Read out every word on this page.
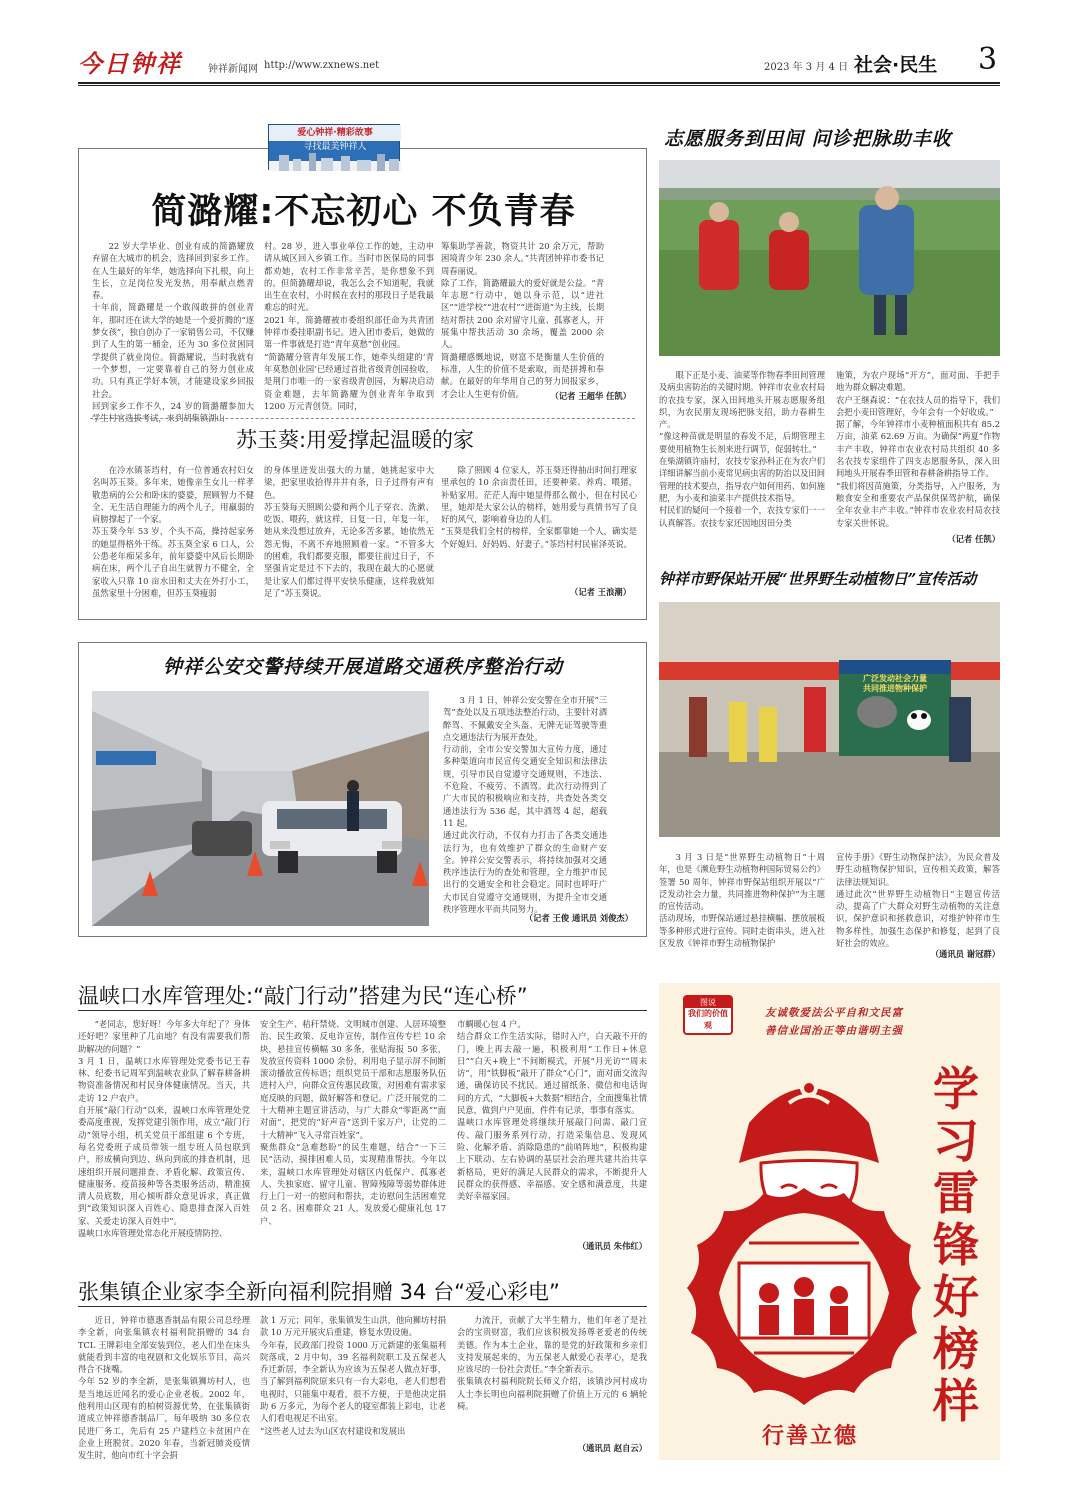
今日钟祥	钟祥新闻网 http://www.zxnews.net	2023 年 3 月 4 日 社会·民生 3
爱心钟祥·精彩故事
寻找最美钟祥人
简潞耀:不忘初心 不负青春

22 岁大学毕业、创业有成的简潞耀放弃留在大城市的机会，选择回到家乡工作。在人生最好的年华，她选择向下扎根，向上生长，立足岗位发光发热，用奉献点燃青春。
十年前，简潞耀是一个敢闯敢拼的创业青年，那时还在读大学的她是一个爱折腾的“逐梦女孩”，独自创办了一家销售公司，不仅赚到了人生的第一桶金，还为 30 多位贫困同学提供了就业岗位。简潞耀说，当时我就有一个梦想，一定要靠着自己的努力创业成功。只有真正学好本领，才能建设家乡回报社会。
回到家乡工作不久，24 岁的简潞耀参加大学生村官选拔考试，来到胡集镇湖山

村。28 岁，进入事业单位工作的她，主动申请从城区回入乡镇工作。当时市医保局的同事都劝她，农村工作非常辛苦，是你想象不到的。但简潞耀却说，我怎么会不知道呢，我就出生在农村，小时候在农村的那段日子是我最难忘的时光。
2021 年，简潞耀被市委组织部任命为共青团钟祥市委挂职副书记。进入团市委后，她做的第一件事就是打造“青年莫愁”创业园。
“简潞耀分管青年发展工作，她牵头组建的‘青年莫愁创业园’已经通过首批省级青创园验收，是荆门市唯一的一家省级青创园，为解决启动资金难题，去年简潞耀为创业青年争取到 1200 万元青创贷。同时，

筹集助学善款，物资共计 20 余万元，帮助困境青少年 230 余人。”共青团钟祥市委书记周春丽说。
除了工作，简潞耀最大的爱好就是公益。“青年志愿”行动中，她以身示范，以“进社区”“进学校”“进农村”“进街道”为主线，长期结对帮扶 200 余对留守儿童、孤寡老人，开展集中帮扶活动 30 余场，覆盖 2000 余人。
简潞耀感慨地说，财富不是衡量人生价值的标准，人生的价值不是索取，而是拼搏和奉献。在最好的年华用自己的努力回报家乡，才会让人生更有价值。	（记者 王超华 任凯）
苏玉葵:用爱撑起温暖的家

在冷水镇茶垱村，有一位普通农村妇女名叫苏玉葵。多年来，她像亲生女儿一样孝敬患病的公公和卧床的婆婆，照顾智力不健全、无生活自理能力的两个儿子，用羸弱的肩膀撑起了一个家。
苏玉葵今年 53 岁，个头不高，操持起家务的她显得格外干练。苏玉葵全家 6 口人，公公患老年痴呆多年，前年婆婆中风后长期卧病在床，两个儿子自出生就智力不健全，全家收入只靠 10 亩水田和丈夫在外打小工，虽然家里十分困难，但苏玉葵瘦弱

的身体里迸发出强大的力量，她挑起家中大梁，把家里收拾得井井有条，日子过得有声有色。
苏玉葵每天照顾公婆和两个儿子穿衣、洗漱、吃饭、喂药，就这样，日复一日，年复一年，她从来没想过放弃，无论多苦多累，她依然无怨无悔，不离不弃地照顾着一家。“不管多大的困难，我们都要克服，都要往前过日子，不坚强肯定是过不下去的，我现在最大的心愿就是让家人们都过得平安快乐健康，这样我就知足了”苏玉葵说。

除了照顾 4 位家人，苏玉葵还得抽出时间打理家里承包的 10 余亩责任田，还要种菜、养鸡、喂猪，补贴家用。茫茫人海中她显得那么微小，但在村民心里，她却是大家公认的榜样，她用爱与真情书写了良好的风气，影响着身边的人们。
“玉葵是我们全村的榜样，全家都靠她一个人，确实是个好媳妇、好妈妈、好妻子。”茶垱村村民崔泽英说。

（记者 王浪潮）
钟祥公安交警持续开展道路交通秩序整治行动

3 月 1 日，钟祥公安交警在全市开展“三驾”查处以及五项违法整治行动，主要针对酒醉驾、不佩戴安全头盔、无牌无证驾驶等重点交通违法行为展开查处。
行动前，全市公安交警加大宣传力度，通过多种渠道向市民宣传交通安全知识和法律法规，引导市民自觉遵守交通规则，不违法、不危险、不疲劳、不酒驾。此次行动得到了广大市民的积极响应和支持，共查处各类交通违法行为 536 起，其中酒驾 4 起，超载 11 起。
通过此次行动，不仅有力打击了各类交通违法行为，也有效维护了群众的生命财产安全。钟祥公安交警表示，将持续加强对交通秩序违法行为的查处和管理，全力维护市民出行的交通安全和社会稳定。同时也呼吁广大市民自觉遵守交通规则，为提升全市交通秩序管理水平而共同努力。

（记者 王俊 通讯员 刘俊杰）
志愿服务到田间 问诊把脉助丰收

眼下正是小麦、油菜等作物春季田间管理及病虫害防治的关键时期。钟祥市农业农村局的农技专家，深入田间地头开展志愿服务组织，为农民朋友现场把脉支招，助力春耕生产。
“像这种苗就是明显的春发不足，后期管理主要使用植物生长剂来进行调节，促弱转壮。”
在柴湖镇许庙村，农技专家孙科正在为农户们详细讲解当前小麦常见病虫害的防治以及田间管理的技术要点，指导农户如何用药、如何施肥，为小麦和油菜丰产提供技术指导。
村民们的疑问一个接着一个，农技专家们一一认真解答。农技专家还因地因田分类

施策，为农户现场“开方”，面对面、手把手地为群众解决难题。
农户王继森说：“在农技人员的指导下，我们会把小麦田管理好，今年会有一个好收成。”
据了解，今年钟祥市小麦种植面积共有 85.2 万亩，油菜 62.69 万亩。为确保“两夏”作物丰产丰收，钟祥市农业农村局共组织 40 多名农技专家组件了四支志愿服务队，深入田间地头开展春季田管和春耕备耕指导工作。
“我们将因苗施策，分类指导，入户服务，为粮食安全和重要农产品保供保驾护航，确保全年农业丰产丰收。”钟祥市农业农村局农技专家关世怀说。

（记者 任凯）
钟祥市野保站开展“世界野生动植物日”宣传活动
广泛发动社会力量
共同推进物种保护

3 月 3 日是“世界野生动植物日”十周年，也是《濒危野生动植物种国际贸易公约》签署 50 周年，钟祥市野保站组织开展以“广泛发动社会力量，共同推进物种保护”为主题的宣传活动。
活动现场，市野保站通过悬挂横幅、摆放展板等多种形式进行宣传。同时走街串头，进入社区发放《钟祥市野生动植物保护

宣传手册》《野生动物保护法》，为民众普及野生动植物保护知识，宣传相关政策，解答法律法规知识。
通过此次“世界野生动植物日”主题宣传活动，提高了广大群众对野生动植物的关注意识，保护意识和拯救意识，对维护钟祥市生物多样性，加强生态保护和修复，起到了良好社会的效应。

（通讯员 谢冠群）
温峡口水库管理处:“敲门行动”搭建为民“连心桥”

“老同志，您好呀！今年多大年纪了？身体还好吧？家里种了几亩地？有没有需要我们帮助解决的问题？”
3 月 1 日，温峡口水库管理处党委书记王春林、纪委书记周军到温峡农业队了解春耕备耕物资准备情况和村民身体健康情况。当天，共走访 12 户农户。
自开展“敲门行动”以来，温峡口水库管理处党委高度重视，发挥党建引领作用，成立“敲门行动”领导小组，机关党员干部组建 6 个专班，每名党委班子成员带领一组专班人员包联到户，形成横向到边、纵向到底的排查机制，迅速组织开展问题排查、矛盾化解、政策宣传、健康服务、疫苗接种等各类服务活动，精准摸清人员底数，用心倾听群众意见诉求，真正做到“政策知识深入百姓心、隐患排查深入百姓家、关爱走访深入百姓中”。
温峡口水库管理处常态化开展疫情防控、

安全生产、秸秆禁烧、文明城市创建、人居环境整治、民生政策、反电诈宣传，制作宣传专栏 10 余块，悬挂宣传横幅 30 多条，张贴海报 50 多张，发放宣传资料 1000 余份，利用电子显示屏不间断滚动播放宣传标语；组织党员干部和志愿服务队伍进村入户，向群众宣传惠民政策，对困难有需求家庭反映的问题，做好解答和登记。广泛开展党的二十大精神主题宣讲活动，与广大群众“零距离”“面对面”，把党的“好声音”送到千家万户，让党的二十大精神“飞入寻常百姓家”。
聚焦群众“急难愁盼”的民生难题，结合“一下三民”活动，摸排困难人员，实现精准帮扶。今年以来，温峡口水库管理处对辖区内低保户、孤寡老人、失独家庭、留守儿童、智障残障等弱势群体进行上门一对一的慰问和帮扶，走访慰问生活困难党员 2 名、困难群众 21 人，发放爱心健康礼包 17 户、

市蜩暖心包 4 户。
结合群众工作生活实际，错时入户，白天敲不开的门，晚上再去敲一遍，积极利用“工作日+休息日”“白天+晚上”不间断模式，开展“月光访”“周末访”，用“铁脚板”敲开了群众“心门”，面对面交流沟通，确保访民不扰民。通过留纸条、微信和电话询问的方式，“大脚板+大数据”相结合，全面搜集社情民意，做到户户见面，件件有记录，事事有落实。
温峡口水库管理处将继续开展敲门问需、敲门宣传、敲门服务系列行动，打造采集信息、发现风险、化解矛盾、消除隐患的“前哨阵地”，积极构建上下联动、左右协调的基层社会治理共建共治共享新格局，更好的满足人民群众的需求，不断提升人民群众的获得感、幸福感、安全感和满意度，共建美好幸福家园。

（通讯员 朱伟红）
张集镇企业家李全新向福利院捐赠 34 台“爱心彩电”

近日，钟祥市德惠香制品有限公司总经理李全新，向张集镇农村福利院捐赠的 34 台 TCL 王牌彩电全部安装到位，老人们坐在床头就能看到丰富的电视剧和文化娱乐节目，高兴得合不拢嘴。
今年 52 岁的李全新，是张集镇狮坊村人，也是当地远近闻名的爱心企业老板。2002 年，他利用山区现有的柏树资源优势，在张集镇街道成立钟祥德香制品厂，每年吸纳 30 多位农民进厂务工，先后有 25 户建档立卡贫困户在企业上班脱贫。2020 年春，当新冠肺炎疫情发生时，他向市红十字会捐

款 1 万元；同年，张集镇发生山洪，他向狮坊村捐款 10 万元开展灾后重建，修复水毁设施。
今年春，民政部门投资 1000 万元新建的张集福利院落成，2 月中旬，39 名福利院职工及五保老人乔迁新居，李全新认为应该为五保老人做点好事，当了解到福利院原来只有一台大彩电，老人们想看电视时，只能集中观看，很不方便，于是他决定捐助 6 万多元，为每个老人的寝室都装上彩电，让老人们看电视足不出室。
“这些老人过去为山区农村建设和发展出

力流汗，贡献了大半生精力，他们年老了是社会的宝贵财富，我们应该积极发扬尊老爱老的传统美德。作为本土企业，靠的是党的好政策和乡亲们支持发展起来的，为五保老人献爱心表孝心，是我应该尽的一份社会责任。”李全新表示。
张集镇农村福利院院长师义介绍，该镇沙河村成功人士李长明也向福利院捐赠了价值上万元的 6 辆轮椅。

（通讯员 赵自云）
图说
我们的价值观
友诚敬爱法公平自和文民富
善信业国治正等由谐明主强
学习雷锋好榜样
行善立德
